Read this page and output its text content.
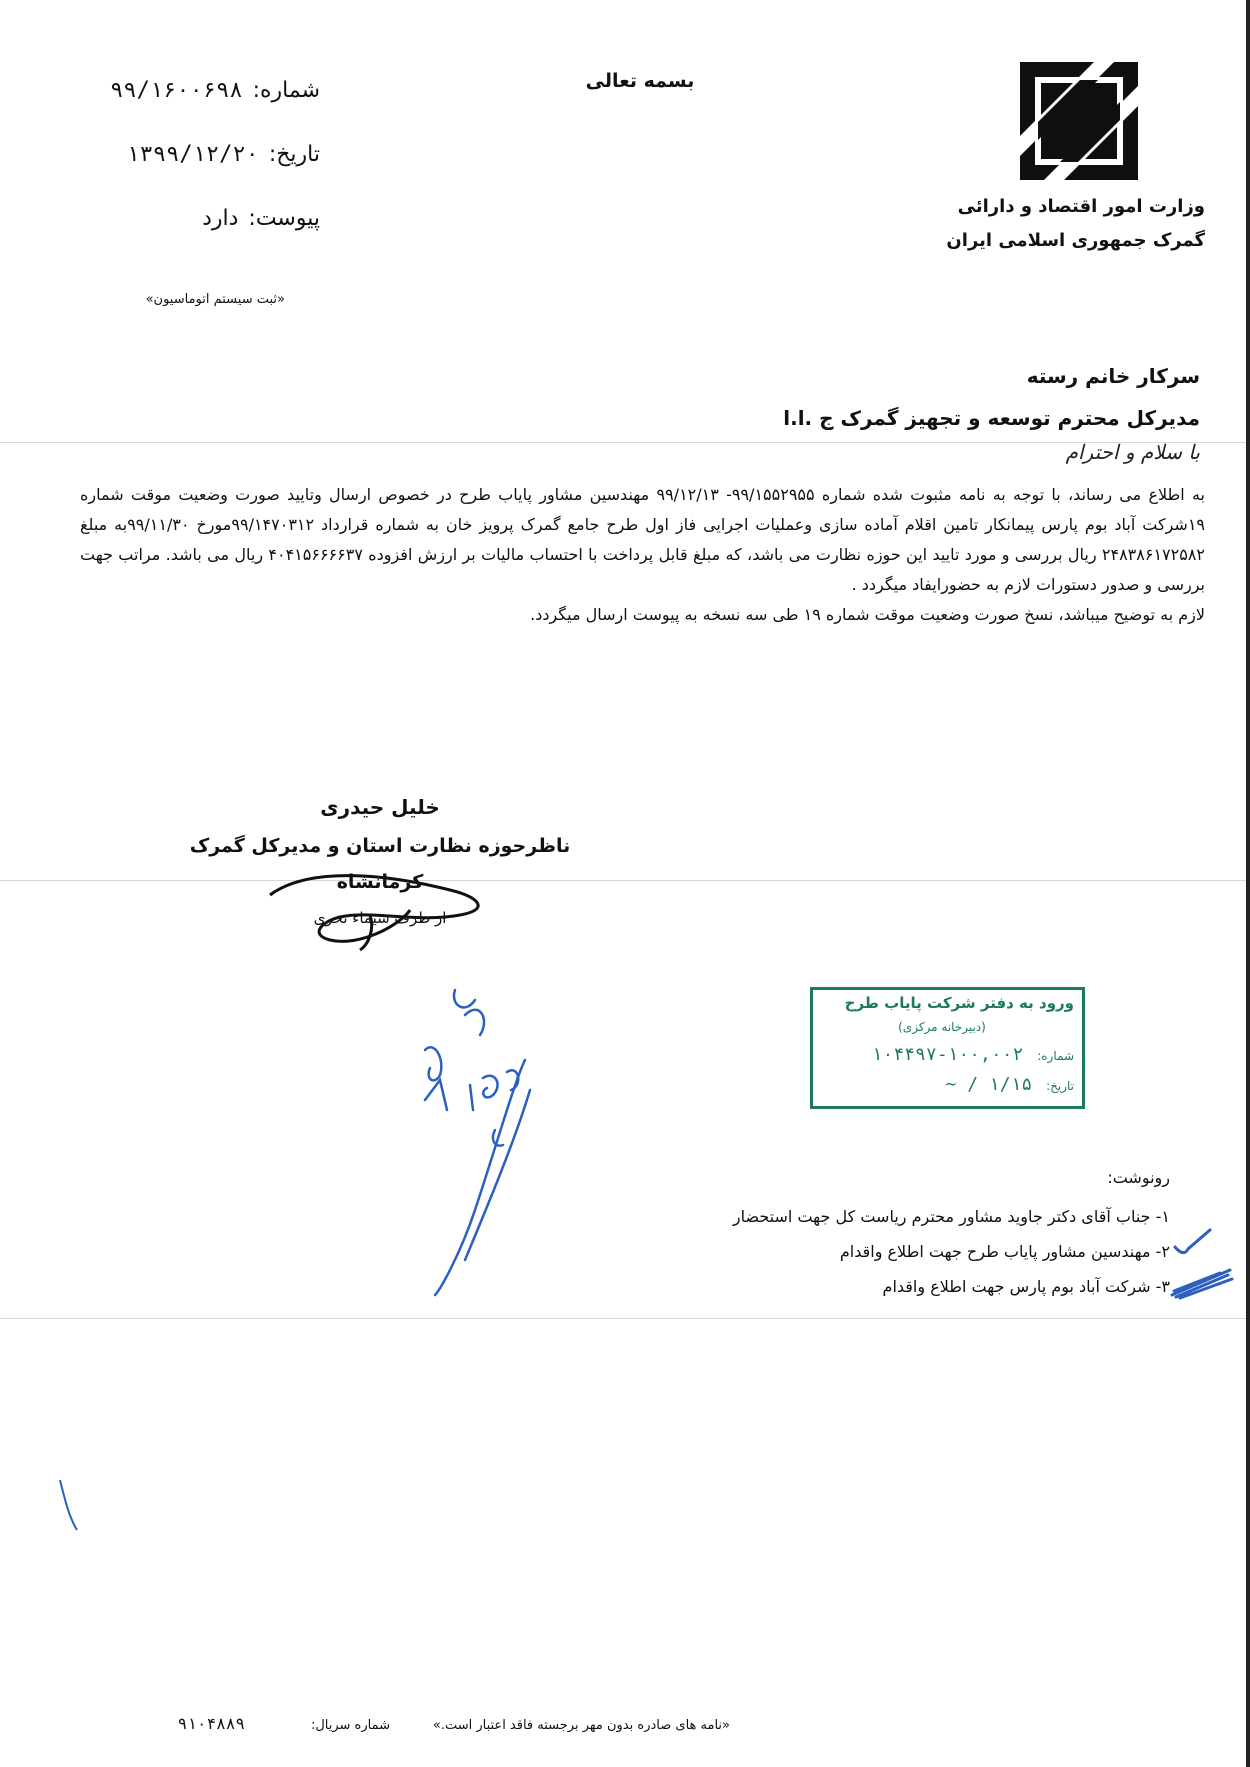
بسمه تعالی
وزارت امور اقتصاد و دارائی
گمرک جمهوری اسلامی ایران
شماره:
۹۹/۱۶۰۰۶۹۸
تاریخ:
۱۳۹۹/۱۲/۲۰
پیوست:
دارد
«ثبت سیستم اتوماسیون»
سرکار خانم رسته
مدیرکل محترم توسعه و تجهیز گمرک ج .ا.ا
با سلام و احترام

به اطلاع می رساند، با توجه به نامه مثبوت شده شماره ۹۹/۱۵۵۲۹۵۵- ۹۹/۱۲/۱۳ مهندسین مشاور پایاب طرح در خصوص ارسال وتایید صورت وضعیت موقت شماره ۱۹شرکت آباد بوم پارس پیمانکار تامین اقلام آماده سازی وعملیات اجرایی فاز اول طرح جامع گمرک پرویز خان به شماره قرارداد ۹۹/۱۴۷۰۳۱۲مورخ ۹۹/۱۱/۳۰به مبلغ ۲۴۸۳۸۶۱۷۲۵۸۲ ریال بررسی و مورد تایید این حوزه نظارت می باشد، که مبلغ قابل پرداخت با احتساب مالیات بر ارزش افزوده ۴۰۴۱۵۶۶۶۶۳۷ ریال می باشد. مراتب جهت بررسی و صدور دستورات لازم به حضورایفاد میگردد .

لازم به توضیح میباشد، نسخ صورت وضعیت موقت شماره ۱۹ طی سه نسخه به پیوست ارسال میگردد.

خلیل حیدری
ناظرحوزه نظارت استان و مدیرکل گمرک کرمانشاه
از طرف شیماء تحری
ورود به دفتر شرکت پایاب طرح
(دبیرخانه مرکزی)
شماره: ۱۰۰,۰۰۲-۱۰۴۴۹۷
تاریخ: ۱/۱۵ / ~
رونوشت:
۱- جناب آقای دکتر جاوید مشاور محترم ریاست کل جهت استحضار
۲- مهندسین مشاور پایاب طرح جهت اطلاع واقدام
۳- شرکت آباد بوم پارس جهت اطلاع واقدام
«نامه های صادره بدون مهر برجسته فاقد اعتبار است.»
شماره سریال:
۹۱۰۴۸۸۹
